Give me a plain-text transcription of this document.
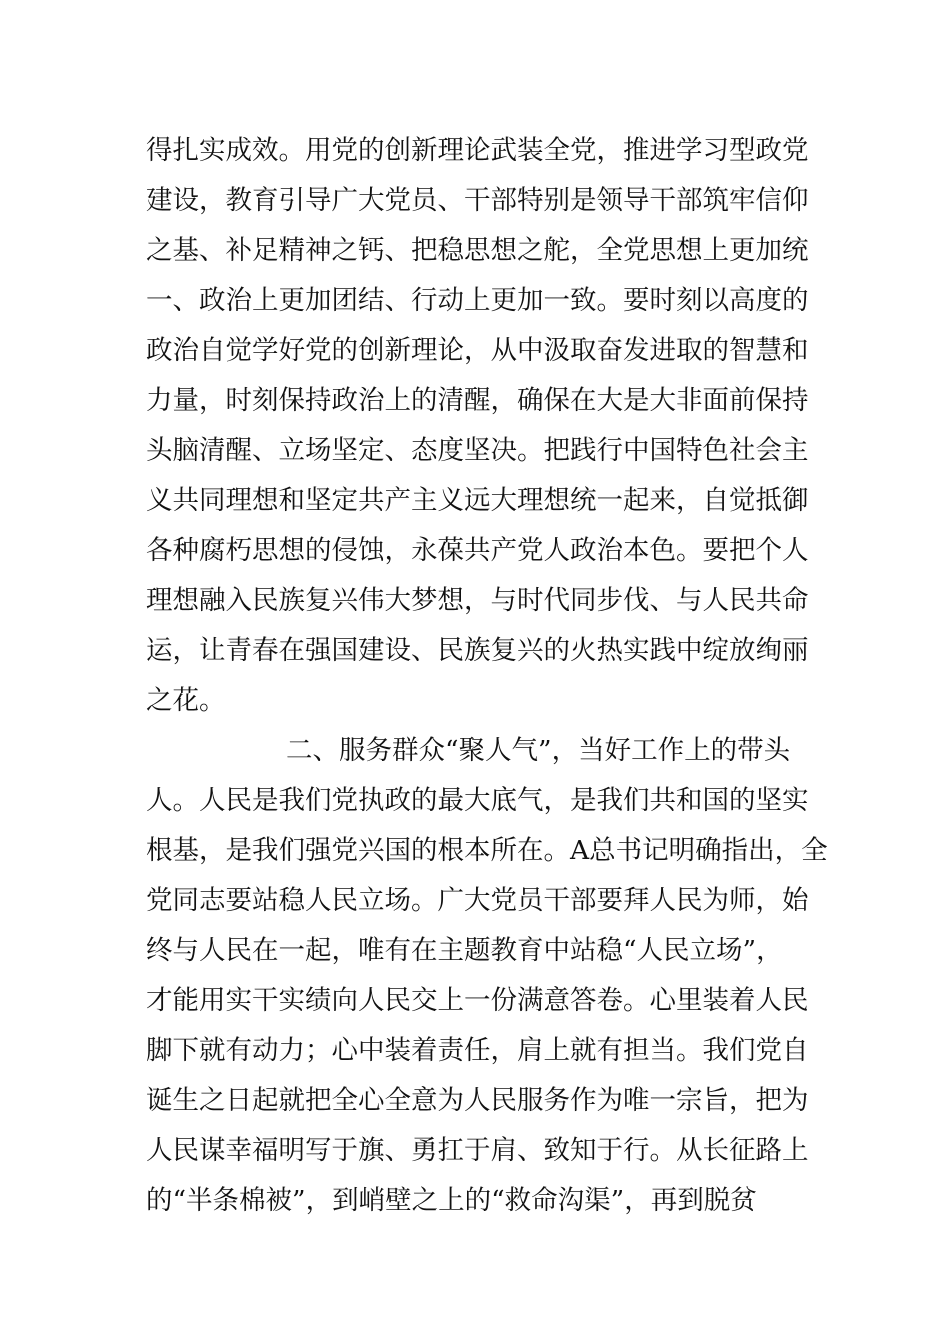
得扎实成效。用党的创新理论武装全党，推进学习型政党
建设，教育引导广大党员、干部特别是领导干部筑牢信仰
之基、补足精神之钙、把稳思想之舵，全党思想上更加统
一、政治上更加团结、行动上更加一致。要时刻以高度的
政治自觉学好党的创新理论，从中汲取奋发进取的智慧和
力量，时刻保持政治上的清醒，确保在大是大非面前保持
头脑清醒、立场坚定、态度坚决。把践行中国特色社会主
义共同理想和坚定共产主义远大理想统一起来，自觉抵御
各种腐朽思想的侵蚀，永葆共产党人政治本色。要把个人
理想融入民族复兴伟大梦想，与时代同步伐、与人民共命
运，让青春在强国建设、民族复兴的火热实践中绽放绚丽
之花。
二、服务群众“聚人气”，当好工作上的带头
人。人民是我们党执政的最大底气，是我们共和国的坚实
根基，是我们强党兴国的根本所在。A总书记明确指出，全
党同志要站稳人民立场。广大党员干部要拜人民为师，始
终与人民在一起，唯有在主题教育中站稳“人民立场”，
才能用实干实绩向人民交上一份满意答卷。心里装着人民
脚下就有动力；心中装着责任，肩上就有担当。我们党自
诞生之日起就把全心全意为人民服务作为唯一宗旨，把为
人民谋幸福明写于旗、勇扛于肩、致知于行。从长征路上
的“半条棉被”，到峭壁之上的“救命沟渠”，再到脱贫
